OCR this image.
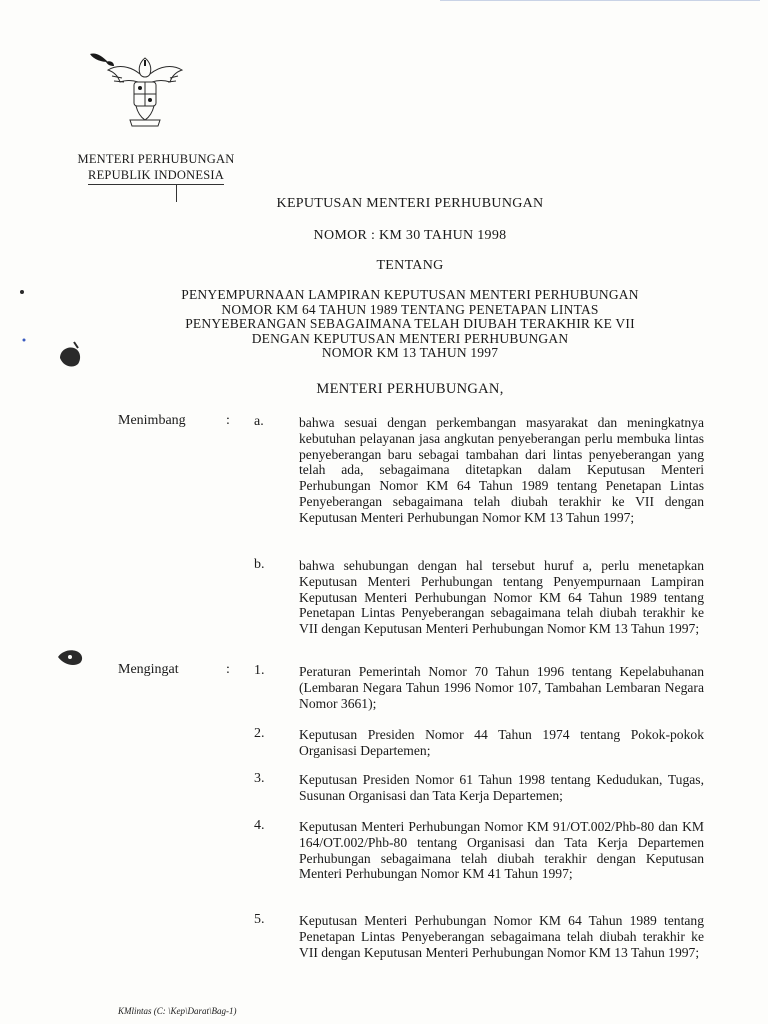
MENTERI PERHUBUNGAN
REPUBLIK INDONESIA
KEPUTUSAN MENTERI PERHUBUNGAN
NOMOR : KM 30 TAHUN 1998
TENTANG
PENYEMPURNAAN LAMPIRAN KEPUTUSAN MENTERI PERHUBUNGAN
NOMOR KM 64 TAHUN 1989 TENTANG PENETAPAN LINTAS
PENYEBERANGAN SEBAGAIMANA TELAH DIUBAH TERAKHIR KE VII
DENGAN KEPUTUSAN MENTERI PERHUBUNGAN
NOMOR KM 13 TAHUN 1997
MENTERI PERHUBUNGAN,
Menimbang	: a.	bahwa sesuai dengan perkembangan masyarakat dan meningkatnya kebutuhan pelayanan jasa angkutan penyeberangan perlu membuka lintas penyeberangan baru sebagai tambahan dari lintas penyeberangan yang telah ada, sebagaimana ditetapkan dalam Keputusan Menteri Perhubungan Nomor KM 64 Tahun 1989 tentang Penetapan Lintas Penyeberangan sebagaimana telah diubah terakhir ke VII dengan Keputusan Menteri Perhubungan Nomor KM 13 Tahun 1997;
b.	bahwa sehubungan dengan hal tersebut huruf a, perlu menetapkan Keputusan Menteri Perhubungan tentang Penyempurnaan Lampiran Keputusan Menteri Perhubungan Nomor KM 64 Tahun 1989 tentang Penetapan Lintas Penyeberangan sebagaimana telah diubah terakhir ke VII dengan Keputusan Menteri Perhubungan Nomor KM 13 Tahun 1997;
Mengingat	: 1.	Peraturan Pemerintah Nomor 70 Tahun 1996 tentang Kepelabuhanan (Lembaran Negara Tahun 1996 Nomor 107, Tambahan Lembaran Negara Nomor 3661);
2.	Keputusan Presiden Nomor 44 Tahun 1974 tentang Pokok-pokok Organisasi Departemen;
3.	Keputusan Presiden Nomor 61 Tahun 1998 tentang Kedudukan, Tugas, Susunan Organisasi dan Tata Kerja Departemen;
4.	Keputusan Menteri Perhubungan Nomor KM 91/OT.002/Phb-80 dan KM 164/OT.002/Phb-80 tentang Organisasi dan Tata Kerja Departemen Perhubungan sebagaimana telah diubah terakhir dengan Keputusan Menteri Perhubungan Nomor KM 41 Tahun 1997;
5.	Keputusan Menteri Perhubungan Nomor KM 64 Tahun 1989 tentang Penetapan Lintas Penyeberangan sebagaimana telah diubah terakhir ke VII dengan Keputusan Menteri Perhubungan Nomor KM 13 Tahun 1997;
KMlintas (C: \Kep\Darat\Bag-1)
